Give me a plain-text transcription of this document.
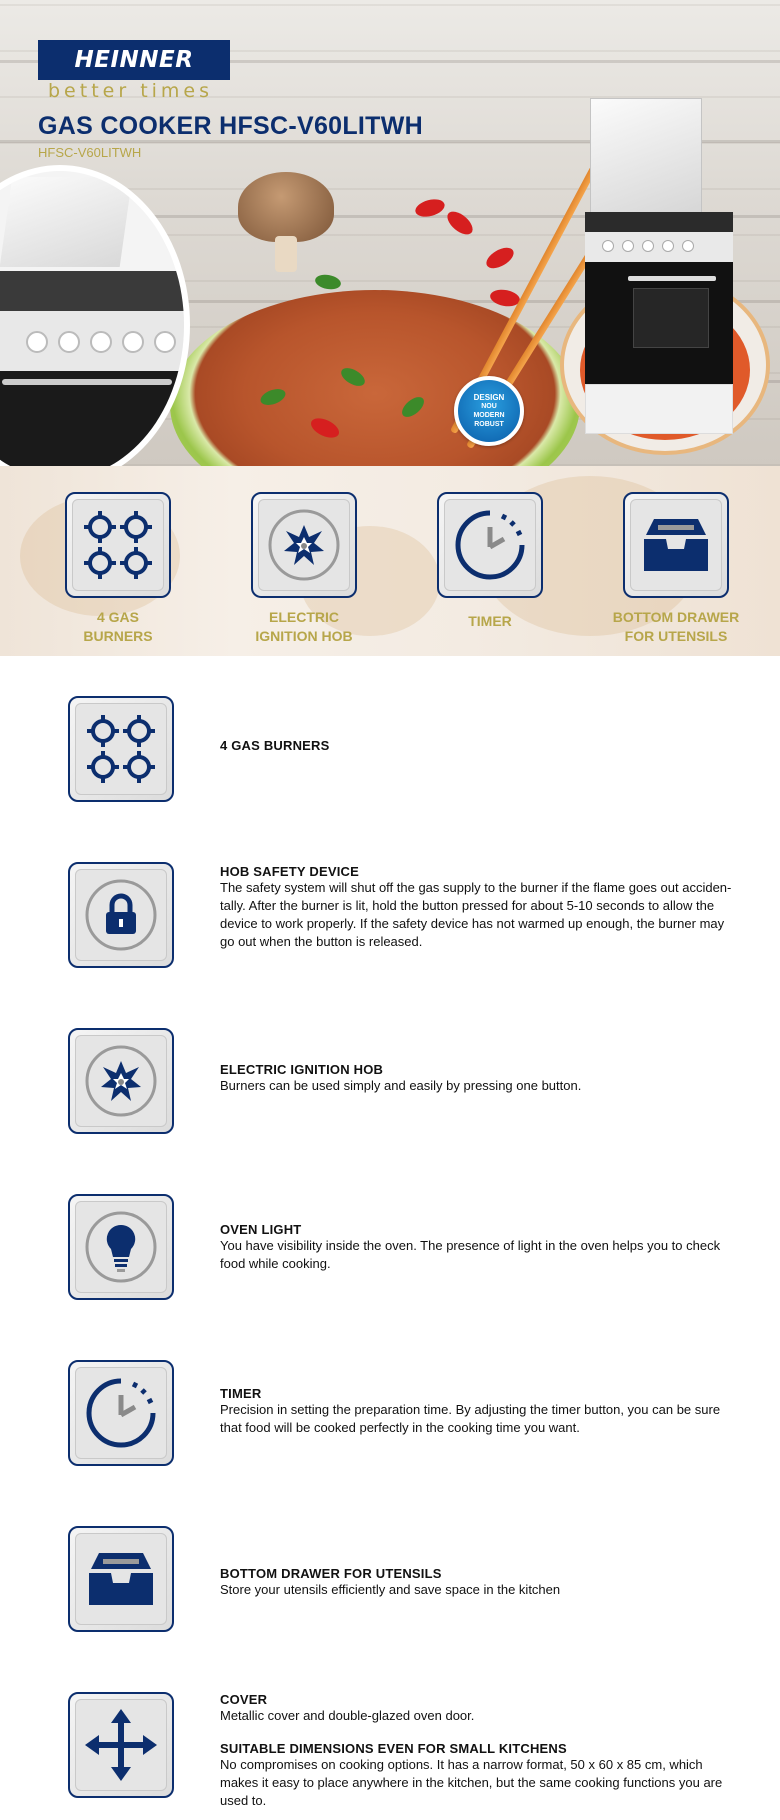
DESIGN
NOU
MODERN
ROBUST
HEINNER
better times
GAS COOKER HFSC-V60LITWH
HFSC-V60LITWH
4 GAS
BURNERS
ELECTRIC
IGNITION HOB
TIMER	BOTTOM DRAWER
FOR UTENSILS
4 GAS BURNERS
HOB SAFETY DEVICE
The safety system will shut off the gas supply to the burner if the flame goes out acciden-tally. After the burner is lit, hold the button pressed for about 5-10 seconds to allow the device to work properly. If the safety device has not warmed up enough, the burner may go out when the button is released.
ELECTRIC IGNITION HOB
Burners can be used simply and easily by pressing one button.
OVEN LIGHT
You have visibility inside the oven. The presence of light in the oven helps you to check food while cooking.
TIMER
Precision in setting the preparation time. By adjusting the timer button, you can be sure that food will be cooked perfectly in the cooking time you want.
BOTTOM DRAWER FOR UTENSILS
Store your utensils efficiently and save space in the kitchen
COVER
Metallic cover and double-glazed oven door.
SUITABLE DIMENSIONS EVEN FOR SMALL KITCHENS
No compromises on cooking options. It has a narrow format, 50 x 60 x 85 cm, which makes it easy to place anywhere in the kitchen, but the same cooking functions you are used to.
